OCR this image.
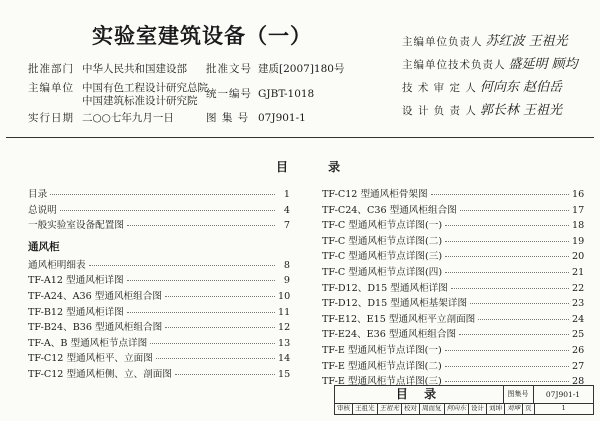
实验室建筑设备（一）
批准部门 中华人民共和国建设部
主编单位 中国有色工程设计研究总院
中国建筑标准设计研究院
实行日期 二○○七年九月一日
批准文号 建质[2007]180号
统一编号 GJBT-1018
图 集 号 07J901-1
主编单位负责人 苏红波 王祖光
主编单位技术负责人 盛延明 顾均
技 术 审 定 人 何向东 赵伯岳
设 计 负 责 人 郭长林 王祖光
目 录
目录	1
总说明	4
一般实验室设备配置图	7
通风柜
通风柜明细表	8
TF-A12 型通风柜详图	9
TF-A24、A36 型通风柜组合图	10
TF-B12 型通风柜详图	11
TF-B24、B36 型通风柜组合图	12
TF-A、B 型通风柜节点详图	13
TF-C12 型通风柜平、立面图	14
TF-C12 型通风柜侧、立、剖面图	15
TF-C12 型通风柜骨架图	16
TF-C24、C36 型通风柜组合图	17
TF-C 型通风柜节点详图(一)	18
TF-C 型通风柜节点详图(二)	19
TF-C 型通风柜节点详图(三)	20
TF-C 型通风柜节点详图(四)	21
TF-D12、D15 型通风柜详图	22
TF-D12、D15 型通风柜基架详图	23
TF-E12、E15 型通风柜平立剖面图	24
TF-E24、E36 型通风柜组合图	25
TF-E 型通风柜节点详图(一)	26
TF-E 型通风柜节点详图(二)	27
TF-E 型通风柜节点详图(三)	28
目 录	图集号	07J901-1
审核 王祖光 王祖光 校对 周而复 何向东 设计 刘坤 刘坤 页	1
